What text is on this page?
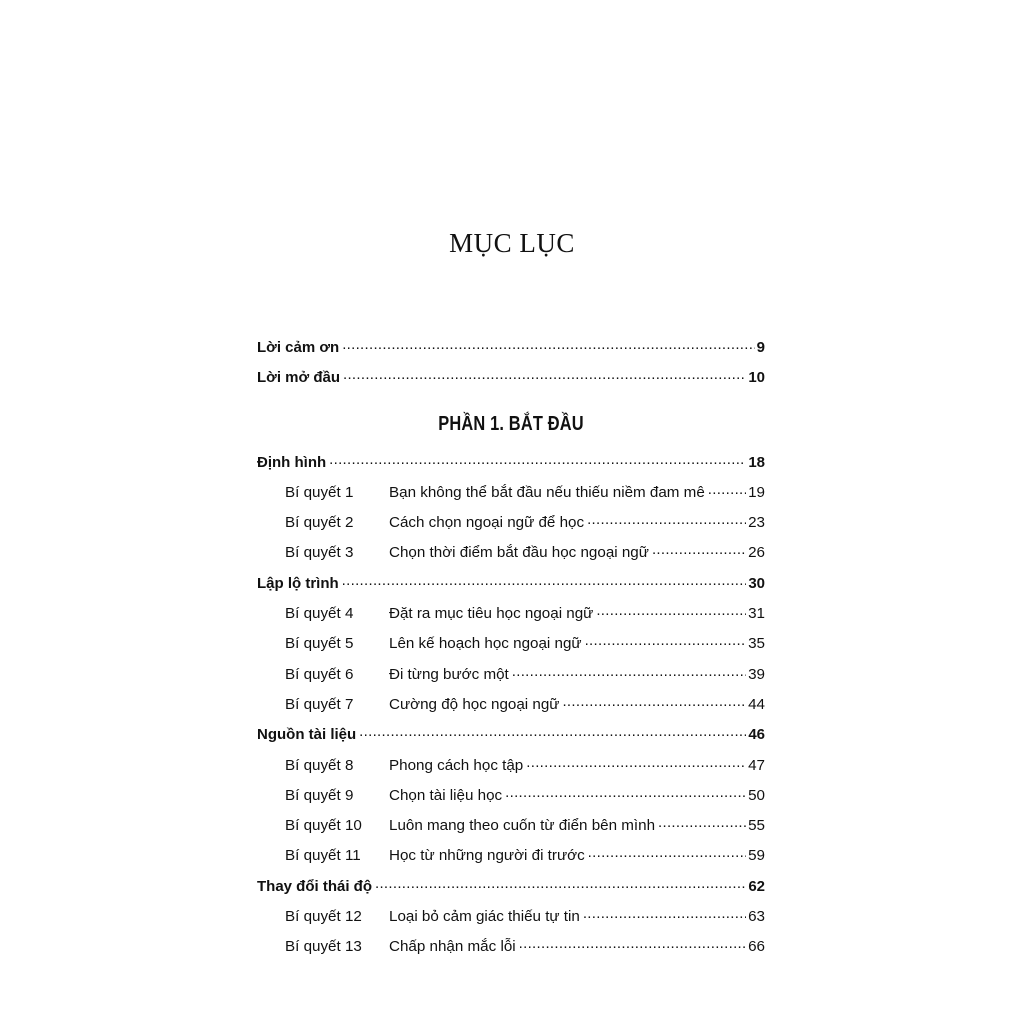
MỤC LỤC
Lời cảm ơn .....	9
Lời mở đầu .....	10
PHẦN 1. BẮT ĐẦU
Định hình .....	18
Bí quyết 1	Bạn không thể bắt đầu nếu thiếu niềm đam mê .....	19
Bí quyết 2	Cách chọn ngoại ngữ để học .....	23
Bí quyết 3	Chọn thời điểm bắt đầu học ngoại ngữ .....	26
Lập lộ trình .....	30
Bí quyết 4	Đặt ra mục tiêu học ngoại ngữ .....	31
Bí quyết 5	Lên kế hoạch học ngoại ngữ .....	35
Bí quyết 6	Đi từng bước một .....	39
Bí quyết 7	Cường độ học ngoại ngữ .....	44
Nguồn tài liệu .....	46
Bí quyết 8	Phong cách học tập .....	47
Bí quyết 9	Chọn tài liệu học .....	50
Bí quyết 10	Luôn mang theo cuốn từ điển bên mình .....	55
Bí quyết 11	Học từ những người đi trước .....	59
Thay đổi thái độ .....	62
Bí quyết 12	Loại bỏ cảm giác thiếu tự tin .....	63
Bí quyết 13	Chấp nhận mắc lỗi .....	66
